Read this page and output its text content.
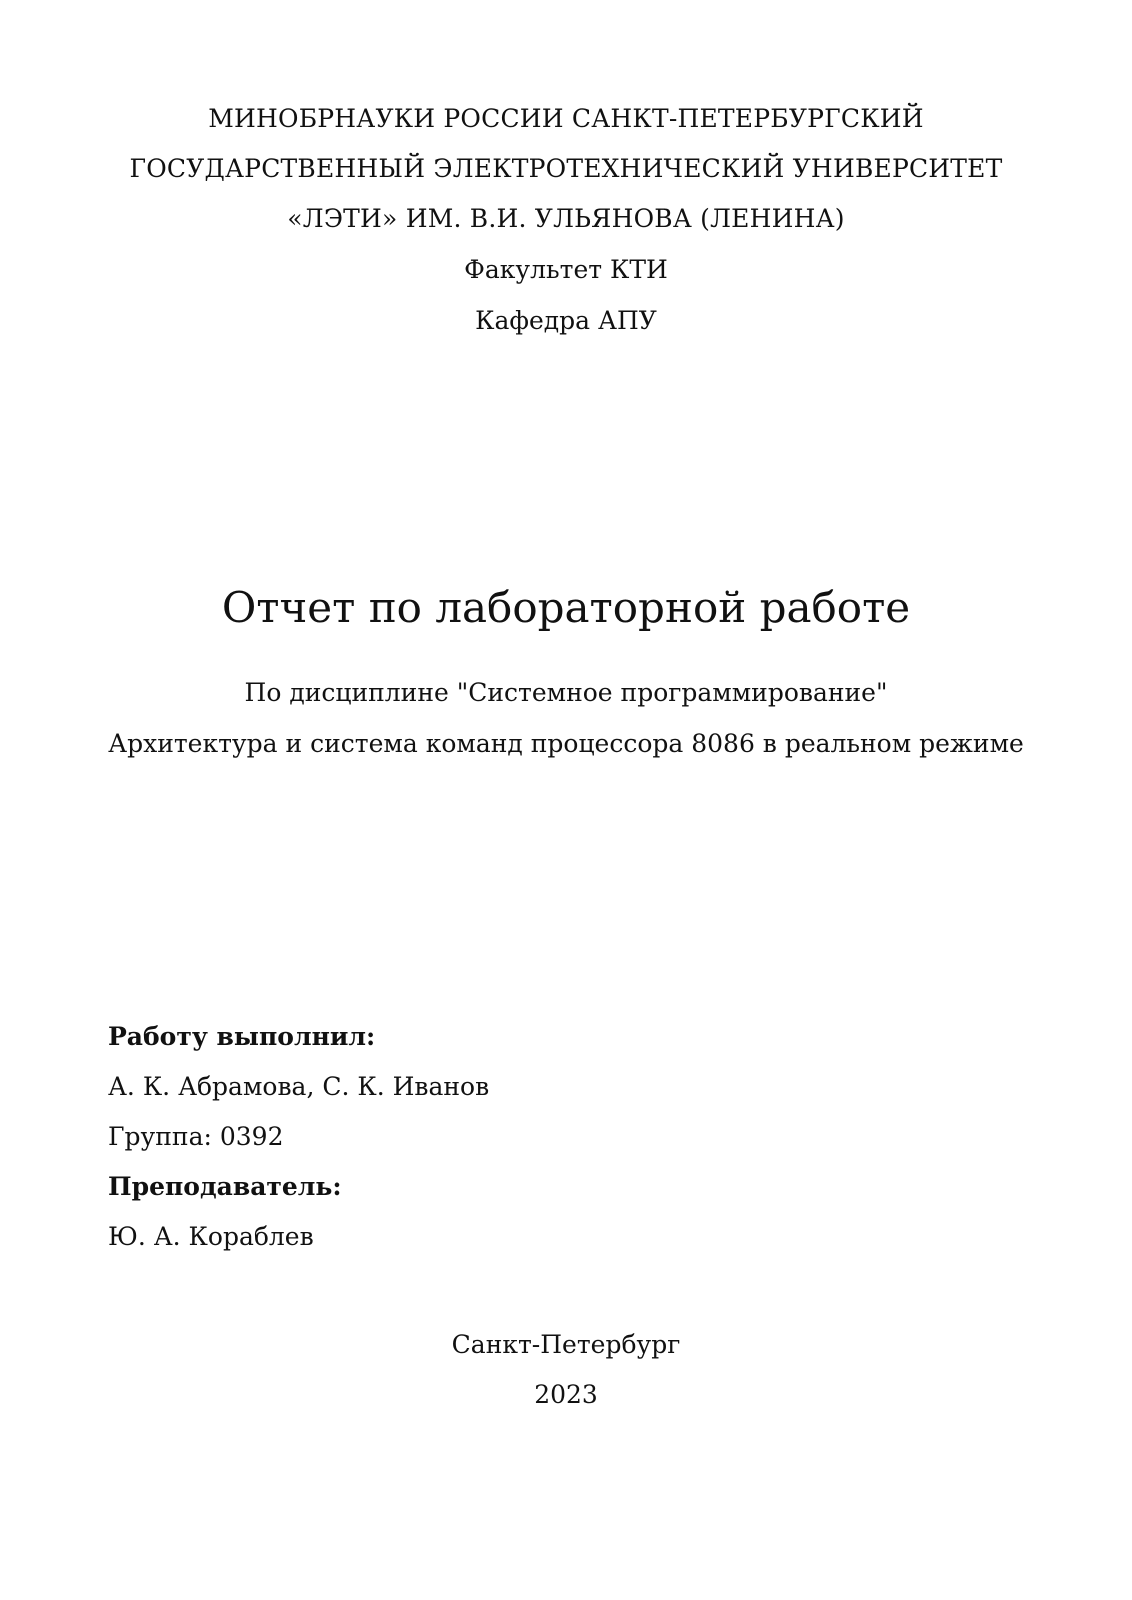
МИНОБРНАУКИ РОССИИ САНКТ-ПЕТЕРБУРГСКИЙ
ГОСУДАРСТВЕННЫЙ ЭЛЕКТРОТЕХНИЧЕСКИЙ УНИВЕРСИТЕТ
«ЛЭТИ» ИМ. В.И. УЛЬЯНОВА (ЛЕНИНА)
Факультет КТИ
Кафедра АПУ
Отчет по лабораторной работе
По дисциплине "Системное программирование"
Архитектура и система команд процессора 8086 в реальном режиме
Работу выполнил:
А. К. Абрамова, С. К. Иванов
Группа: 0392
Преподаватель:
Ю. А. Кораблев
Санкт-Петербург
2023
